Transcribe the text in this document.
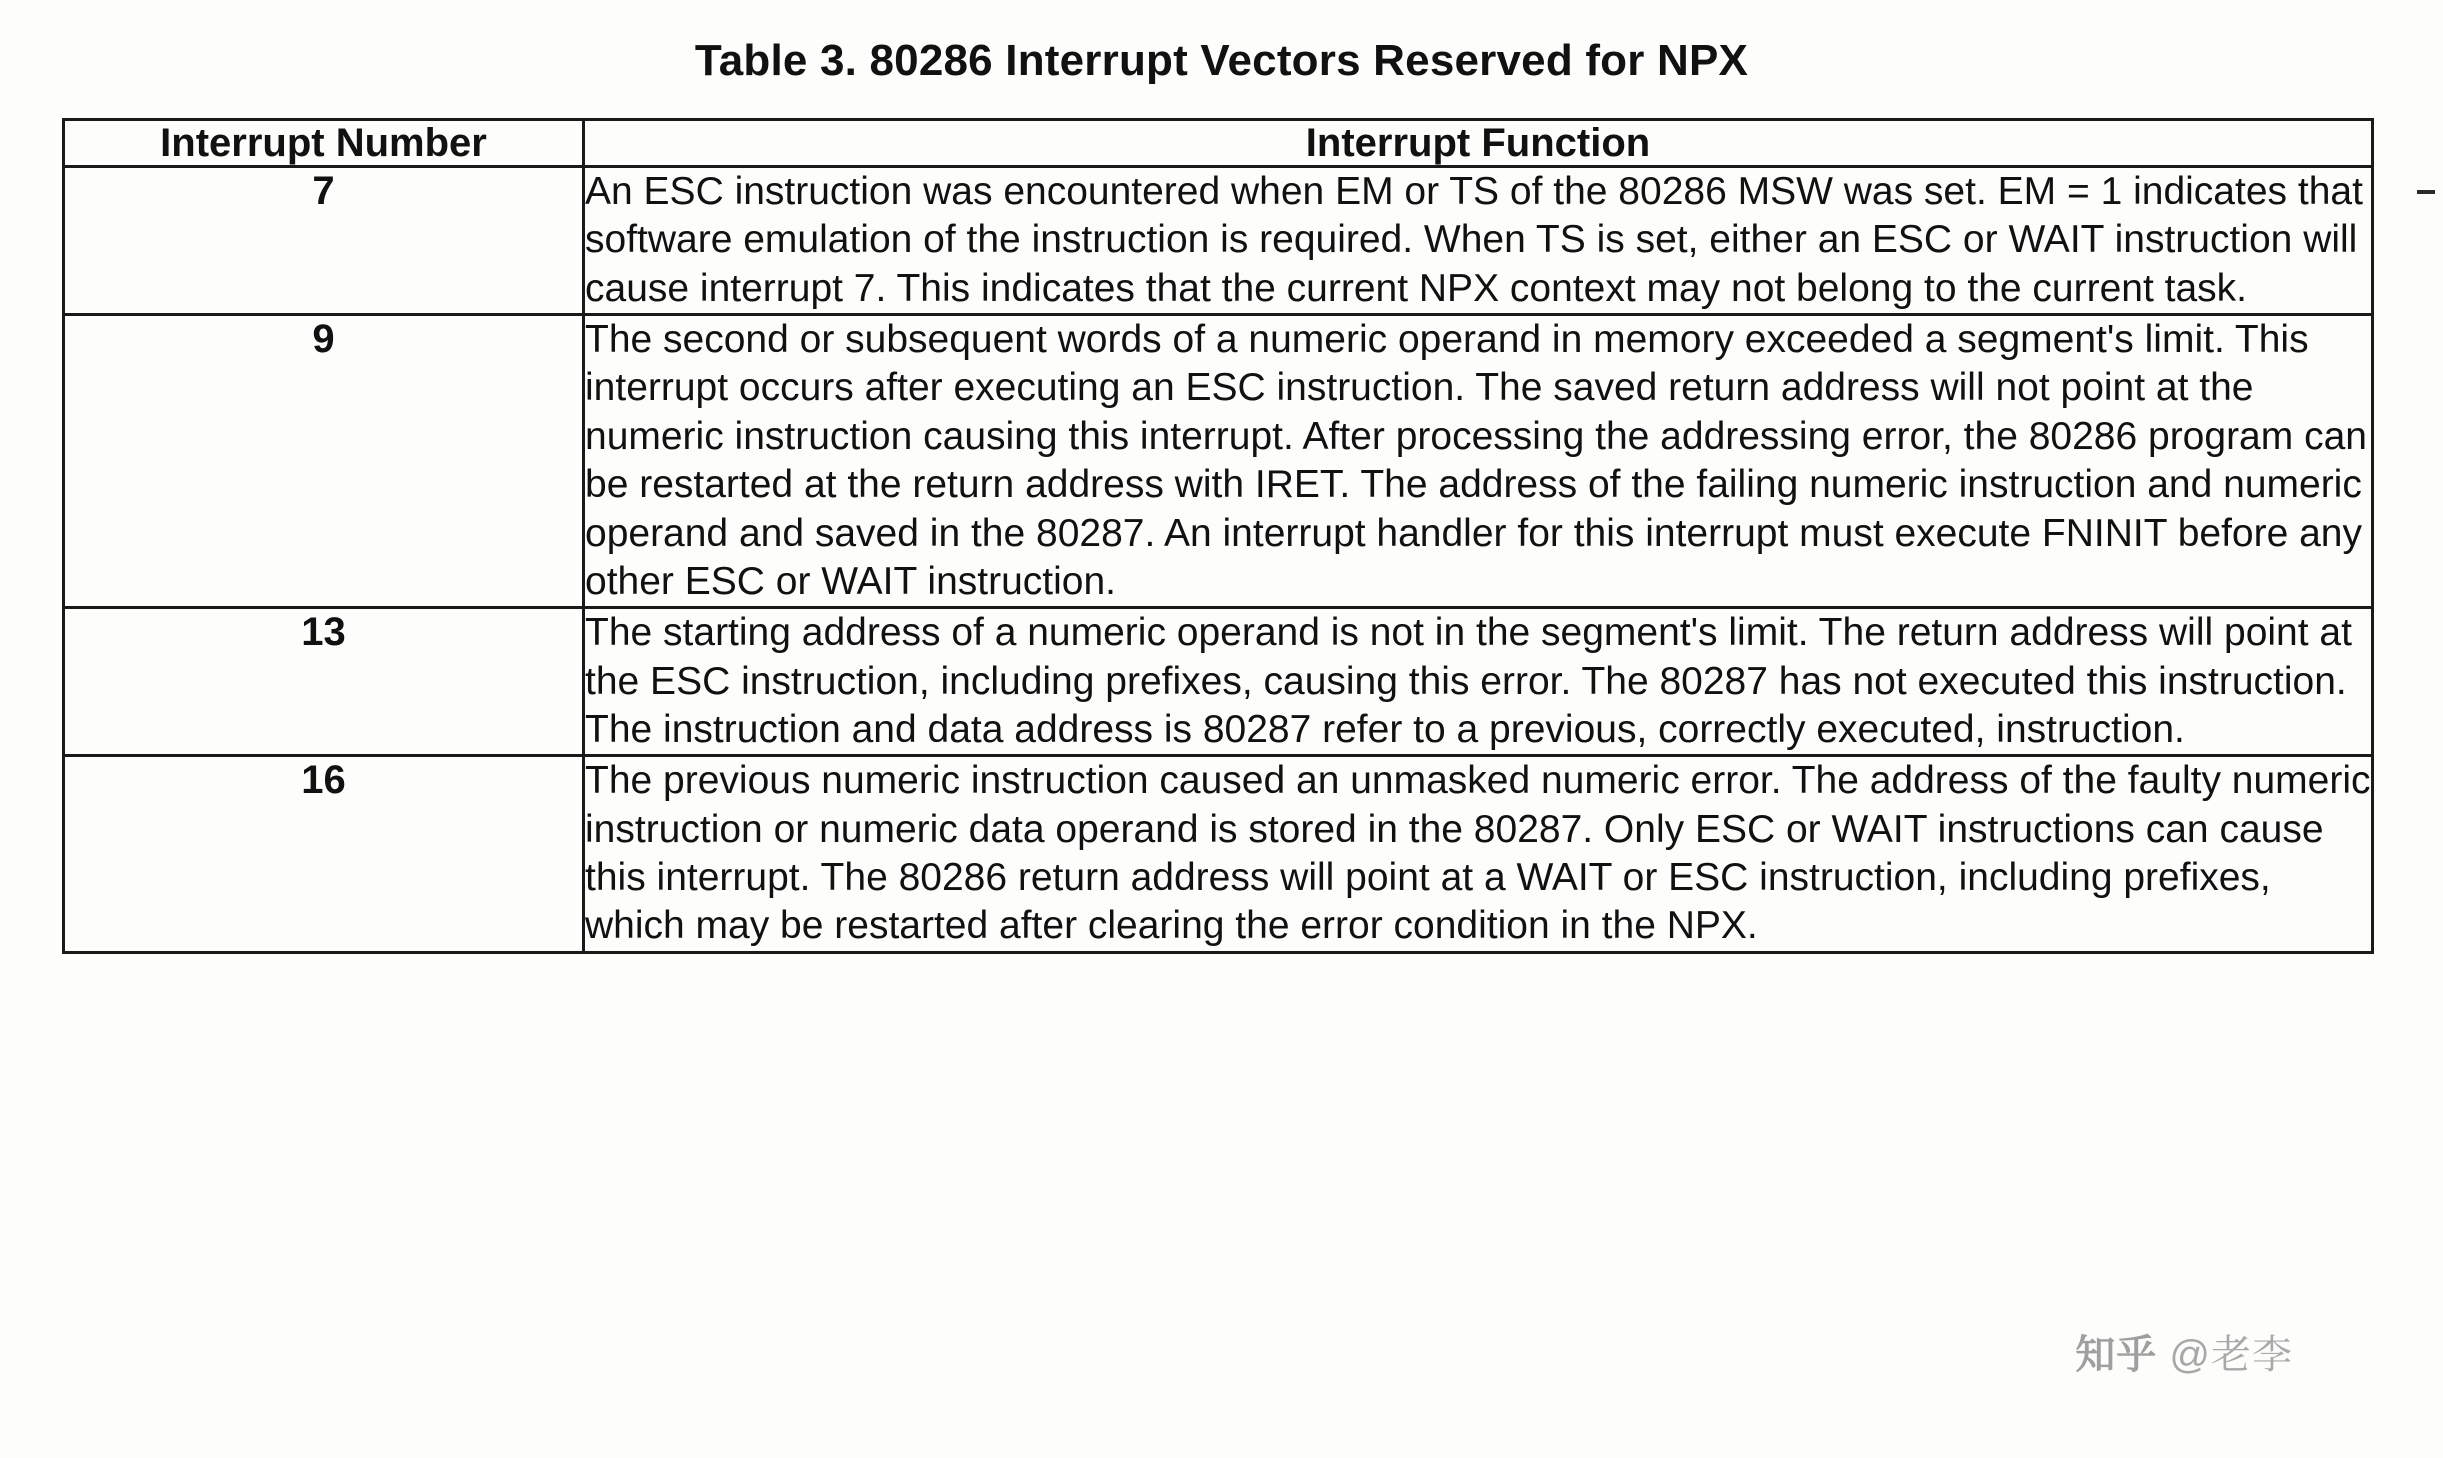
Table 3. 80286 Interrupt Vectors Reserved for NPX
Interrupt Number	Interrupt Function
7	An ESC instruction was encountered when EM or TS of the 80286 MSW was set. EM = 1 indicates that software emulation of the instruction is required. When TS is set, either an ESC or WAIT instruction will cause interrupt 7. This indicates that the current NPX context may not belong to the current task.
9	The second or subsequent words of a numeric operand in memory exceeded a segment's limit. This interrupt occurs after executing an ESC instruction. The saved return address will not point at the numeric instruction causing this interrupt. After processing the addressing error, the 80286 program can be restarted at the return address with IRET. The address of the failing numeric instruction and numeric operand and saved in the 80287. An interrupt handler for this interrupt must execute FNINIT before any other ESC or WAIT instruction.
13	The starting address of a numeric operand is not in the segment's limit. The return address will point at the ESC instruction, including prefixes, causing this error. The 80287 has not executed this instruction. The instruction and data address is 80287 refer to a previous, correctly executed, instruction.
16	The previous numeric instruction caused an unmasked numeric error. The address of the faulty numeric instruction or numeric data operand is stored in the 80287. Only ESC or WAIT instructions can cause this interrupt. The 80286 return address will point at a WAIT or ESC instruction, including prefixes, which may be restarted after clearing the error condition in the NPX.
知乎 @老李
